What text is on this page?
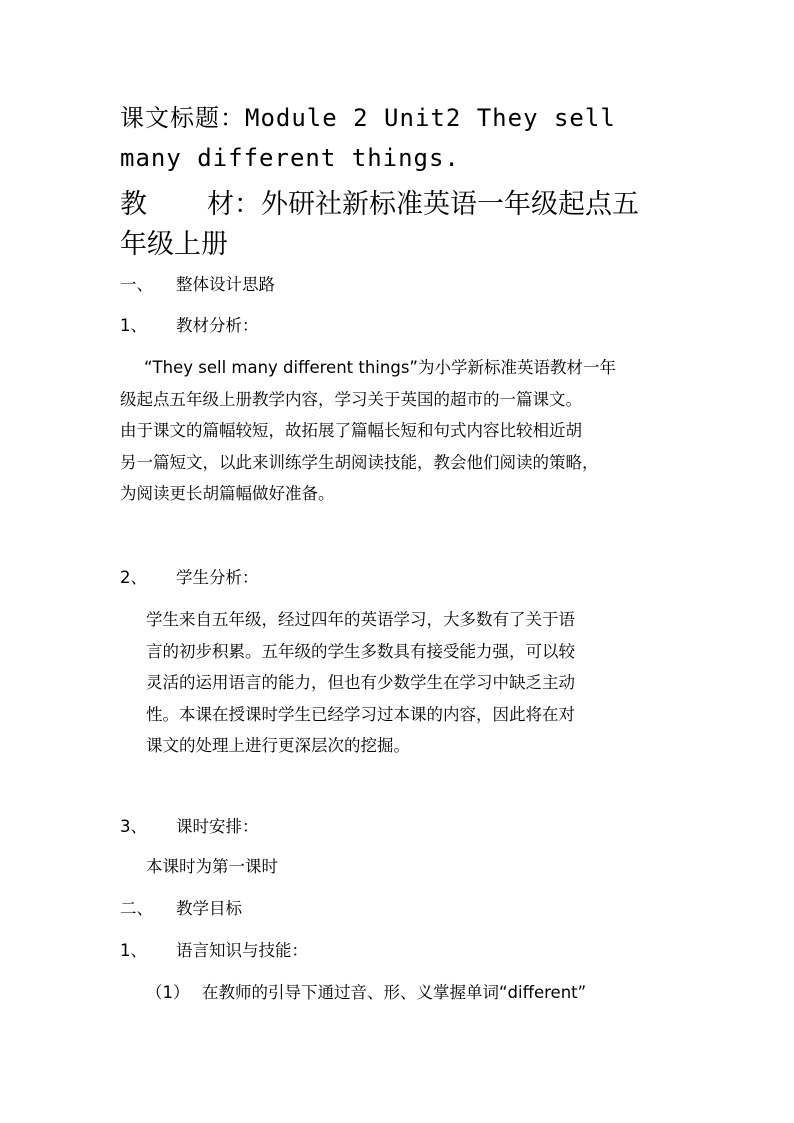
课文标题：Module 2 Unit2 They sell
many different things.
教 材：外研社新标准英语一年级起点五
年级上册
一、 整体设计思路
1、 教材分析：

“They sell many different things”为小学新标准英语教材一年

级起点五年级上册教学内容，学习关于英国的超市的一篇课文。

由于课文的篇幅较短，故拓展了篇幅长短和句式内容比较相近胡

另一篇短文，以此来训练学生胡阅读技能，教会他们阅读的策略，

为阅读更长胡篇幅做好准备。

2、 学生分析：

学生来自五年级，经过四年的英语学习，大多数有了关于语

言的初步积累。五年级的学生多数具有接受能力强，可以较

灵活的运用语言的能力，但也有少数学生在学习中缺乏主动

性。本课在授课时学生已经学习过本课的内容，因此将在对

课文的处理上进行更深层次的挖掘。

3、 课时安排：
本课时为第一课时
二、 教学目标
1、 语言知识与技能：
（1） 在教师的引导下通过音、形、义掌握单词“different”
